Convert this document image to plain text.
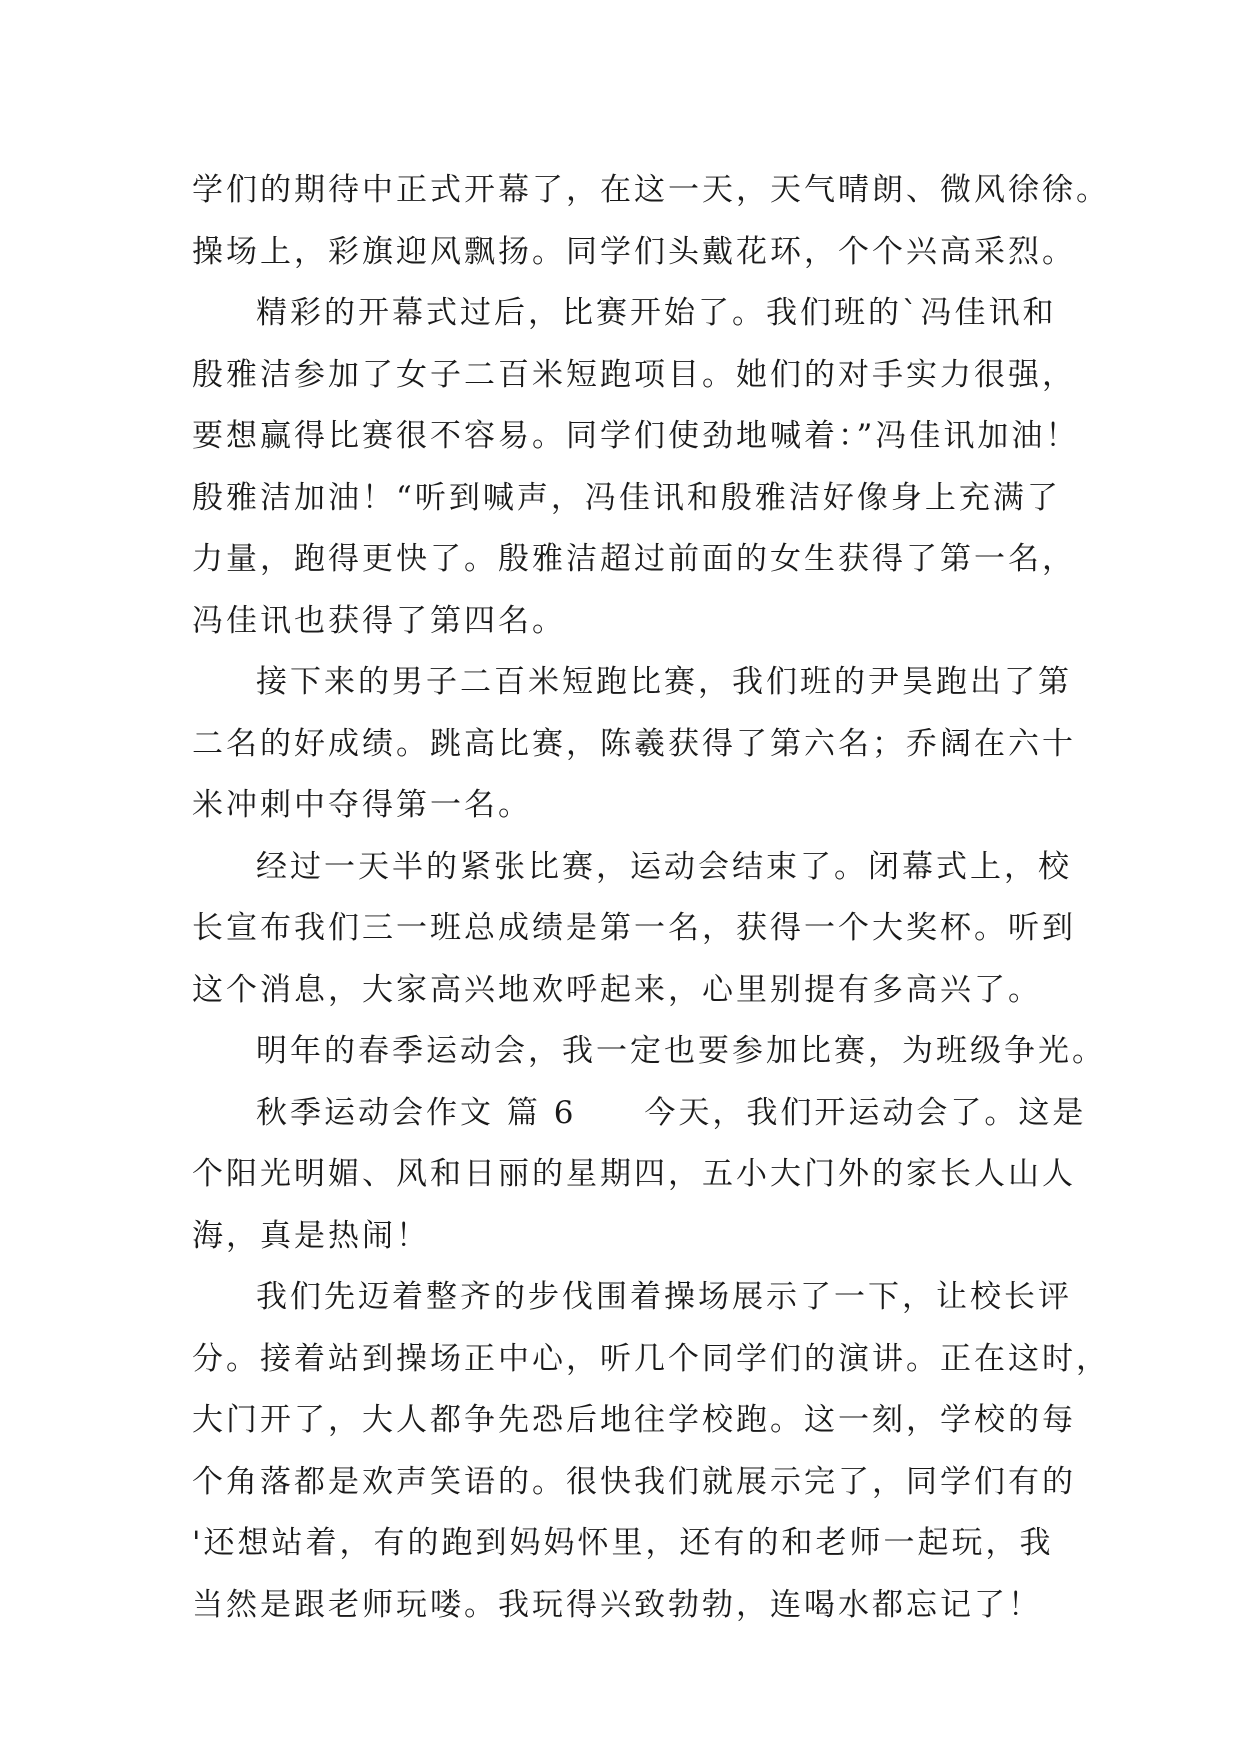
学们的期待中正式开幕了，在这一天，天气晴朗、微风徐徐。
操场上，彩旗迎风飘扬。同学们头戴花环，个个兴高采烈。
精彩的开幕式过后，比赛开始了。我们班的`冯佳讯和
殷雅洁参加了女子二百米短跑项目。她们的对手实力很强，
要想赢得比赛很不容易。同学们使劲地喊着：”冯佳讯加油！
殷雅洁加油！“听到喊声，冯佳讯和殷雅洁好像身上充满了
力量，跑得更快了。殷雅洁超过前面的女生获得了第一名，
冯佳讯也获得了第四名。
接下来的男子二百米短跑比赛，我们班的尹昊跑出了第
二名的好成绩。跳高比赛，陈羲获得了第六名；乔阔在六十
米冲刺中夺得第一名。
经过一天半的紧张比赛，运动会结束了。闭幕式上，校
长宣布我们三一班总成绩是第一名，获得一个大奖杯。听到
这个消息，大家高兴地欢呼起来，心里别提有多高兴了。
明年的春季运动会，我一定也要参加比赛，为班级争光。
秋季运动会作文 篇 6　　今天，我们开运动会了。这是
个阳光明媚、风和日丽的星期四，五小大门外的家长人山人
海，真是热闹！
我们先迈着整齐的步伐围着操场展示了一下，让校长评
分。接着站到操场正中心，听几个同学们的演讲。正在这时，
大门开了，大人都争先恐后地往学校跑。这一刻，学校的每
个角落都是欢声笑语的。很快我们就展示完了，同学们有的
'还想站着，有的跑到妈妈怀里，还有的和老师一起玩，我
当然是跟老师玩喽。我玩得兴致勃勃，连喝水都忘记了！
